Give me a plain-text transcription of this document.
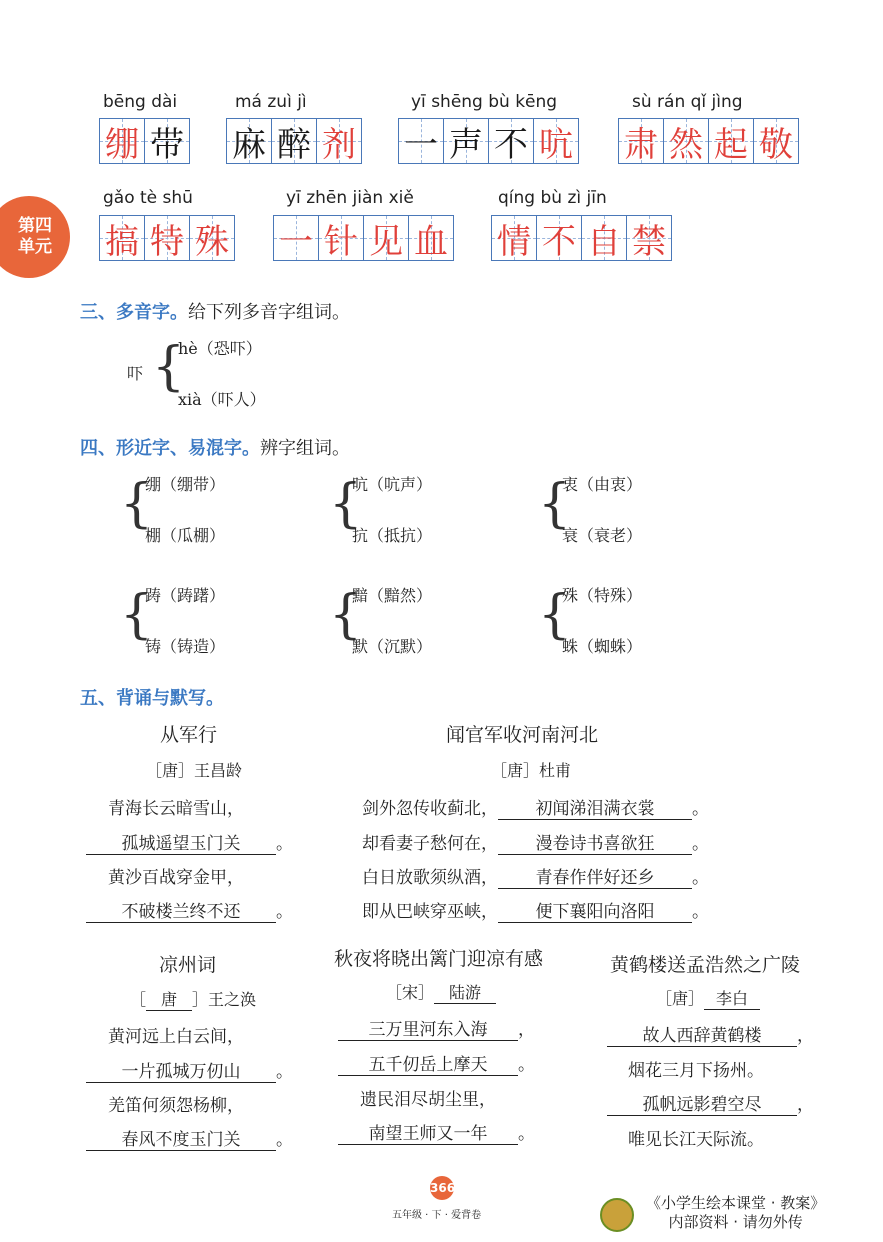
第四
单元
bēng dài
绷 带
má zuì jì
麻 醉 剂
yī shēng bù kēng
一 声 不 吭
sù rán qǐ jìng
肃 然 起 敬
gǎo tè shū
搞 特 殊
yī zhēn jiàn xiě
一 针 见 血
qíng bù zì jīn
情 不 自 禁
三、多音字。给下列多音字组词。
吓 {
hè（恐吓）
xià（吓人）
四、形近字、易混字。辨字组词。
{
绷（绷带）
棚（瓜棚）
{
吭（吭声）
抗（抵抗）
{
衷（由衷）
衰（衰老）
{
踌（踌躇）
铸（铸造）
{
黯（黯然）
默（沉默）
{
殊（特殊）
蛛（蜘蛛）
五、背诵与默写。
从军行
［唐］王昌龄
青海长云暗雪山，
孤城遥望玉门关 。
黄沙百战穿金甲，
不破楼兰终不还 。
闻官军收河南河北
［唐］杜甫
剑外忽传收蓟北， 初闻涕泪满衣裳 。
却看妻子愁何在， 漫卷诗书喜欲狂 。
白日放歌须纵酒， 青春作伴好还乡 。
即从巴峡穿巫峡， 便下襄阳向洛阳 。
凉州词
［ 唐 ］王之涣
黄河远上白云间，
一片孤城万仞山 。
羌笛何须怨杨柳，
春风不度玉门关 。
秋夜将晓出篱门迎凉有感
［宋］ 陆游
三万里河东入海 ，
五千仞岳上摩天 。
遗民泪尽胡尘里，
南望王师又一年 。
黄鹤楼送孟浩然之广陵
［唐］ 李白
故人西辞黄鹤楼 ，
烟花三月下扬州。
孤帆远影碧空尽 ，
唯见长江天际流。
366
五年级 · 下 · 爱背卷
《小学生绘本课堂 · 教案》
内部资料 · 请勿外传
